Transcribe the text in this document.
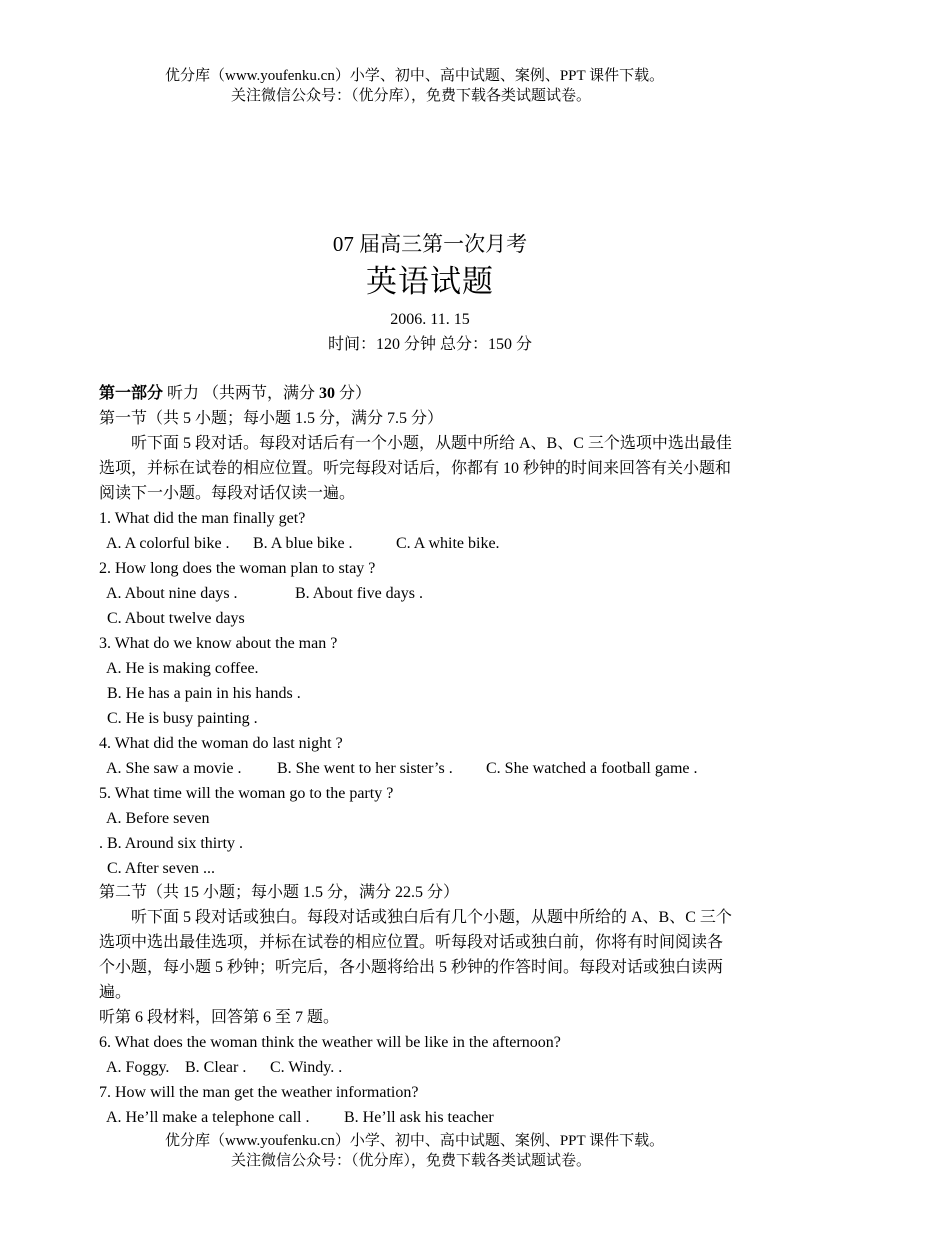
优分库（www.youfenku.cn）小学、初中、高中试题、案例、PPT 课件下载。
关注微信公众号：（优分库），免费下载各类试题试卷。
07 届高三第一次月考
英语试题
2006. 11. 15
时间：120 分钟 总分：150 分
第一部分 听力 （共两节，满分 30 分）
第一节（共 5 小题；每小题 1.5 分，满分 7.5 分）
听下面 5 段对话。每段对话后有一个小题，从题中所给 A、B、C 三个选项中选出最佳
选项，并标在试卷的相应位置。听完每段对话后，你都有 10 秒钟的时间来回答有关小题和
阅读下一小题。每段对话仅读一遍。
1. What did the man finally get?
A. A colorful bike . B. A blue bike .	C. A white bike.
2. How long does the woman plan to stay ?
A. About nine days .	B. About five days .
C. About twelve days
3. What do we know about the man ?
A. He is making coffee.
B. He has a pain in his hands .
C. He is busy painting .
4. What did the woman do last night ?
A. She saw a movie . B. She went to her sister’s . C. She watched a football game .
5. What time will the woman go to the party ?
A. Before seven
. B. Around six thirty .
C. After seven ...
第二节（共 15 小题；每小题 1.5 分，满分 22.5 分）
听下面 5 段对话或独白。每段对话或独白后有几个小题，从题中所给的 A、B、C 三个
选项中选出最佳选项，并标在试卷的相应位置。听每段对话或独白前，你将有时间阅读各
个小题，每小题 5 秒钟；听完后，各小题将给出 5 秒钟的作答时间。每段对话或独白读两
遍。
听第 6 段材料，回答第 6 至 7 题。
6. What does the woman think the weather will be like in the afternoon?
A. Foggy. B. Clear . C. Windy. .
7. How will the man get the weather information?
A. He’ll make a telephone call . B. He’ll ask his teacher
优分库（www.youfenku.cn）小学、初中、高中试题、案例、PPT 课件下载。
关注微信公众号：（优分库），免费下载各类试题试卷。
